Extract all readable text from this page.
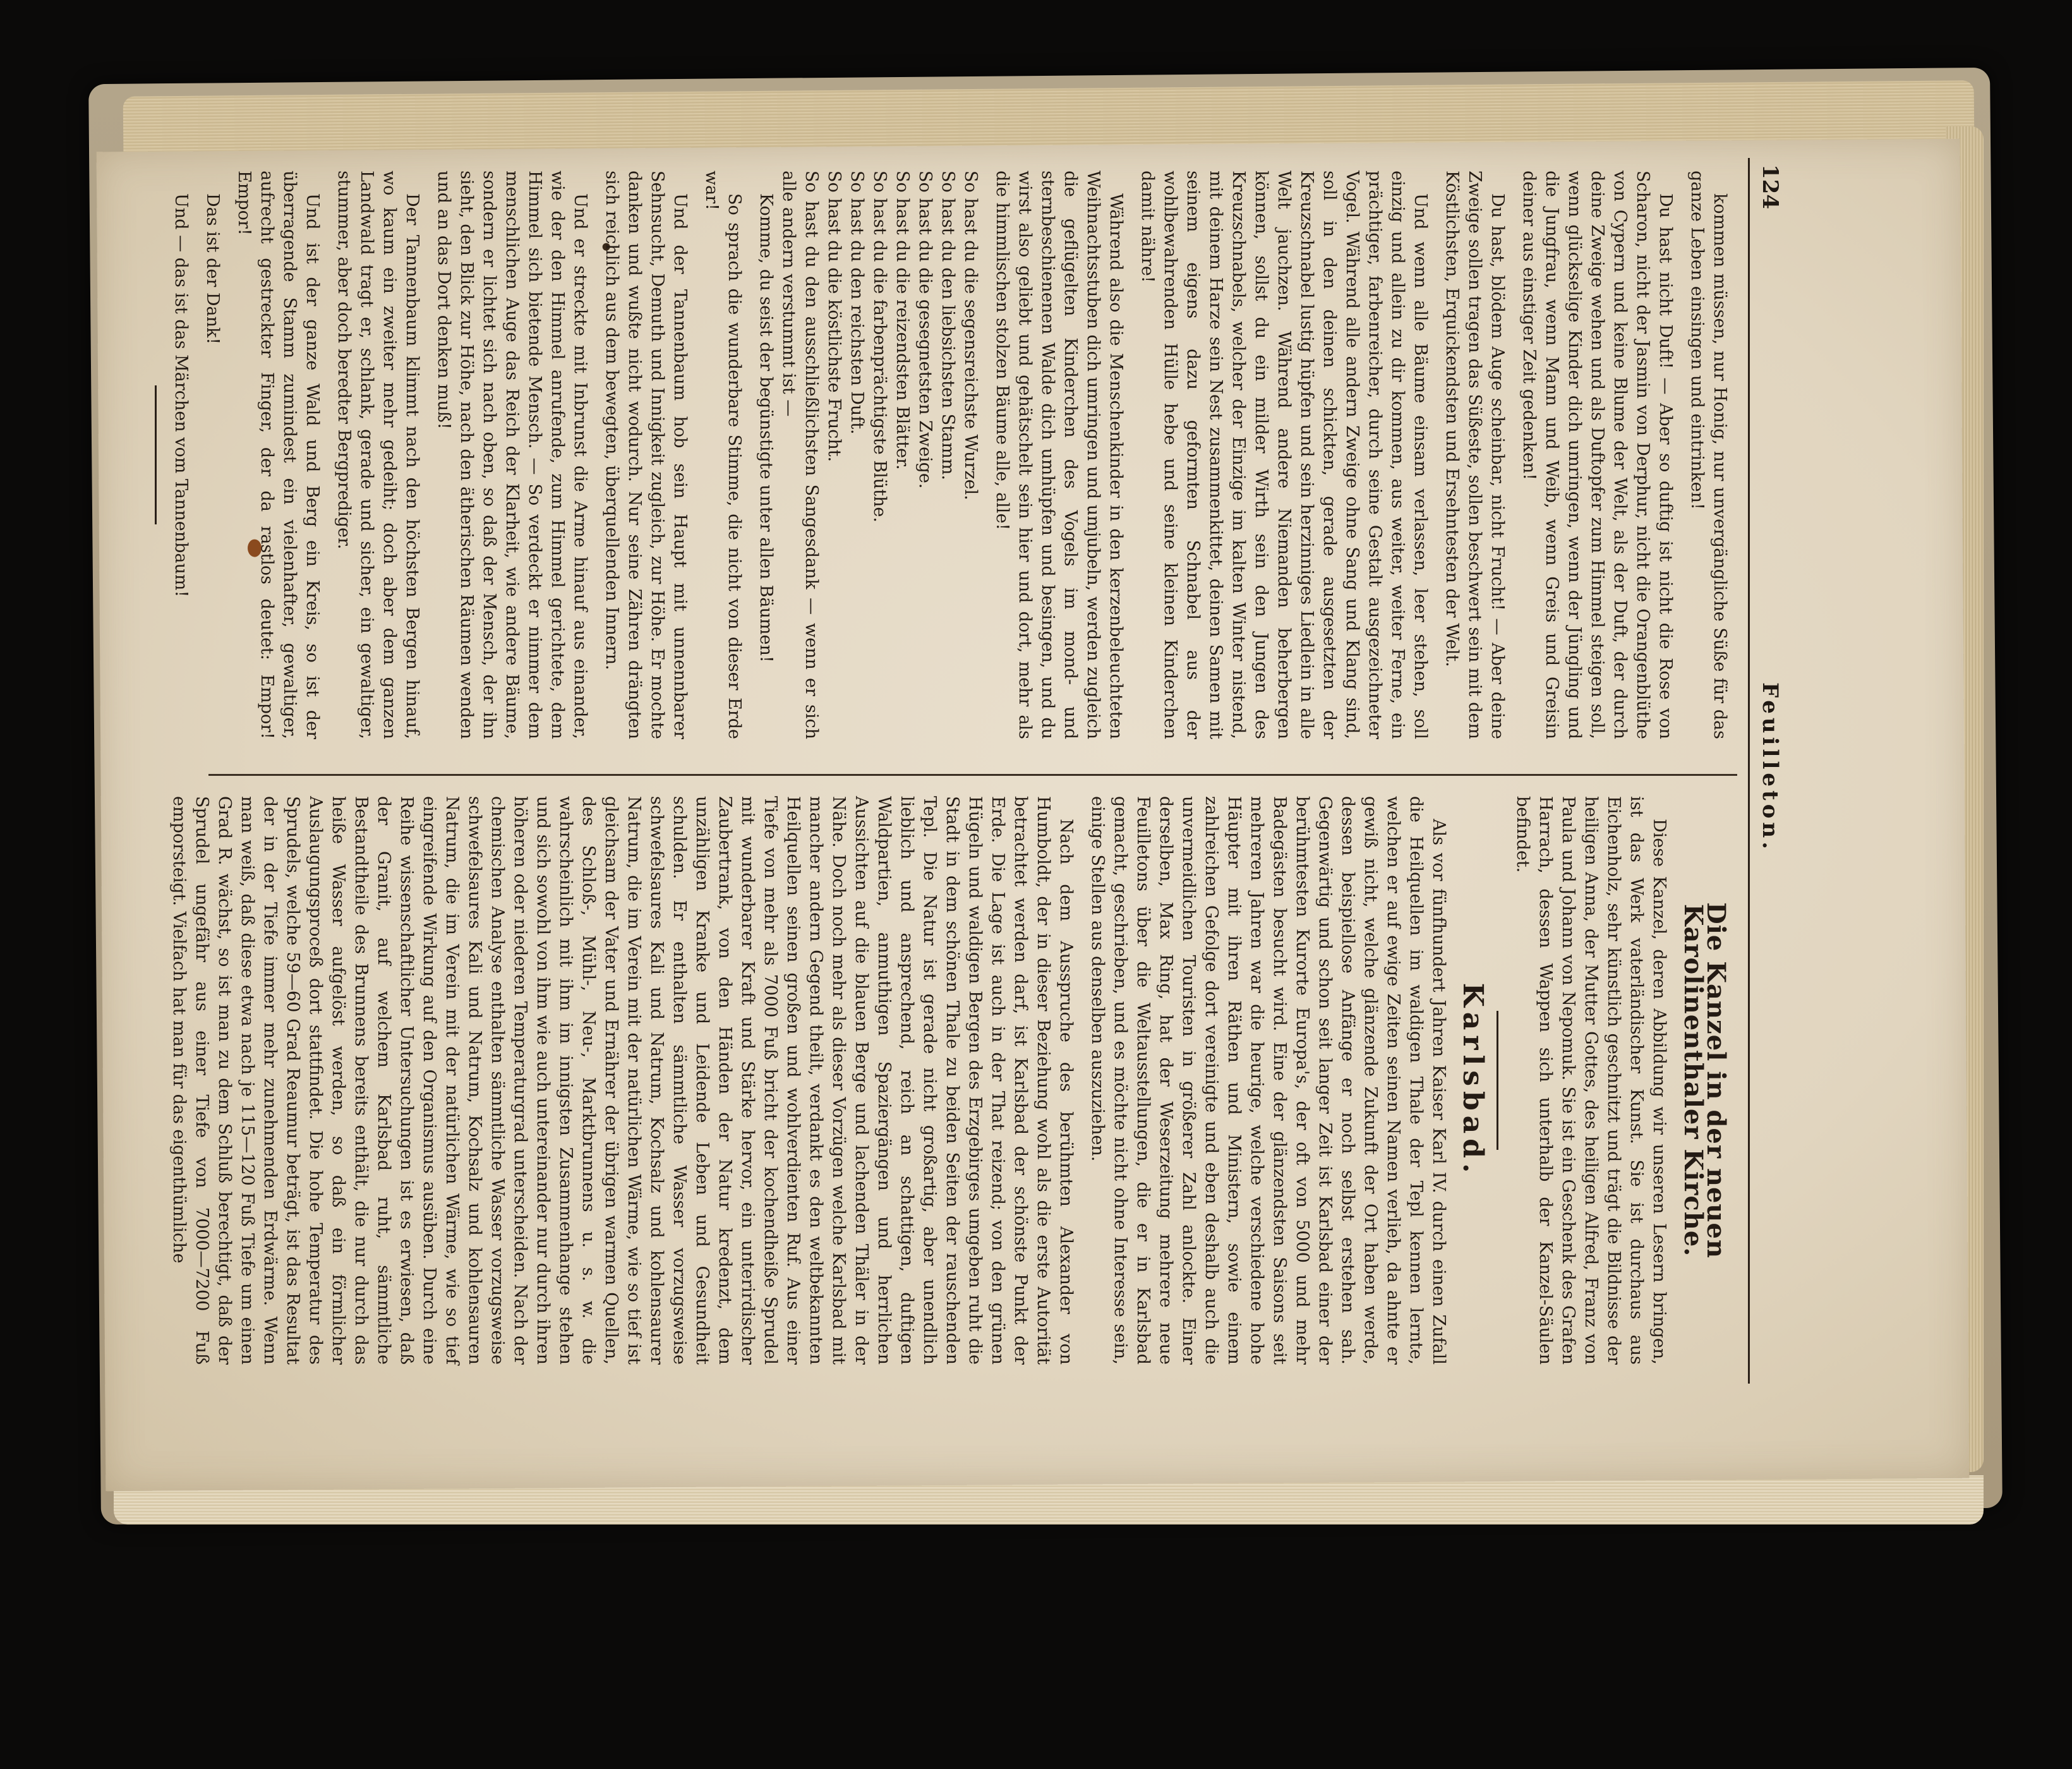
124
Feuilleton.

kommen müssen, nur Honig, nur unvergängliche Süße für das ganze Leben einsingen und eintrinken!

Du hast nicht Duft! — Aber so duftig ist nicht die Rose von Scharon, nicht der Jasmin von Derphur, nicht die Orangenblüthe von Cypern und keine Blume der Welt, als der Duft, der durch deine Zweige wehen und als Duftopfer zum Himmel steigen soll, wenn glückselige Kinder dich umringen, wenn der Jüngling und die Jungfrau, wenn Mann und Weib, wenn Greis und Greisin deiner aus einstiger Zeit gedenken!

Du hast, blödem Auge scheinbar, nicht Frucht! — Aber deine Zweige sollen tragen das Süßeste, sollen beschwert sein mit dem Köstlichsten, Erquickendsten und Ersehntesten der Welt.

Und wenn alle Bäume einsam verlassen, leer stehen, soll einzig und allein zu dir kommen, aus weiter, weiter Ferne, ein prächtiger, farbenreicher, durch seine Gestalt ausgezeichneter Vogel. Während alle andern Zweige ohne Sang und Klang sind, soll in den deinen schickten, gerade ausgesetzten der Kreuzschnabel lustig hüpfen und sein herzinniges Liedlein in alle Welt jauchzen. Während andere Niemanden beherbergen können, sollst du ein milder Wirth sein den Jungen des Kreuzschnabels, welcher der Einzige im kalten Winter nistend, mit deinem Harze sein Nest zusammenkittet, deinen Samen mit seinem eigens dazu geformten Schnabel aus der wohlbewahrenden Hülle hebe und seine kleinen Kinderchen damit nähre!

Während also die Menschenkinder in den kerzenbeleuchteten Weihnachtsstuben dich umringen und umjubeln, werden zugleich die geflügelten Kinderchen des Vogels im mond- und sternbeschienenen Walde dich umhüpfen und besingen, und du wirst also geliebt und gehätschelt sein hier und dort, mehr als die himmlischen stolzen Bäume alle, alle!

So hast du die segensreichste Wurzel.

So hast du den liebsichsten Stamm.

So hast du die gesegnetsten Zweige.

So hast du die reizendsten Blätter.

So hast du die farbenprächtigste Blüthe.

So hast du den reichsten Duft.

So hast du die köstlichste Frucht.

So hast du den ausschließlichsten Sangesdank — wenn er sich alle andern verstummt ist —

Komme, du seist der begünstigte unter allen Bäumen!

So sprach die wunderbare Stimme, die nicht von dieser Erde war!

Und der Tannenbaum hob sein Haupt mit unnennbarer Sehnsucht, Demuth und Innigkeit zugleich, zur Höhe. Er mochte danken und wußte nicht wodurch. Nur seine Zähren drängten sich reichlich aus dem bewegten, überquellenden Innern.

Und er streckte mit Inbrunst die Arme hinauf aus einander, wie der den Himmel anrufende, zum Himmel gerichtete, dem Himmel sich bietende Mensch. — So verdeckt er nimmer dem menschlichen Auge das Reich der Klarheit, wie andere Bäume, sondern er lichtet sich nach oben, so daß der Mensch, der ihn sieht, den Blick zur Höhe, nach den ätherischen Räumen wenden und an das Dort denken muß!

Der Tannenbaum klimmt nach den höchsten Bergen hinauf, wo kaum ein zweiter mehr gedeiht; doch aber dem ganzen Landwald tragt er, schlank, gerade und sicher, ein gewaltiger, stummer, aber doch beredter Bergprediger.

Und ist der ganze Wald und Berg ein Kreis, so ist der überragende Stamm zumindest ein vielenhafter, gewaltiger, aufrecht gestreckter Finger, der da rastlos deutet: Empor! Empor!

Das ist der Dank!

Und — das ist das Märchen vom Tannenbaum!

Die Kanzel in der neuen Karolinenthaler Kirche.

Diese Kanzel, deren Abbildung wir unseren Lesern bringen, ist das Werk vaterländischer Kunst. Sie ist durchaus aus Eichenholz, sehr künstlich geschnitzt und trägt die Bildnisse der heiligen Anna, der Mutter Gottes, des heiligen Alfred, Franz von Paula und Johann von Nepomuk. Sie ist ein Geschenk des Grafen Harrach, dessen Wappen sich unterhalb der Kanzel-Säulen befindet.

Karlsbad.

Als vor fünfhundert Jahren Kaiser Karl IV. durch einen Zufall die Heilquellen im waldigen Thale der Tepl kennen lernte, welchen er auf ewige Zeiten seinen Namen verlieh, da ahnte er gewiß nicht, welche glänzende Zukunft der Ort haben werde, dessen beispiellose Anfänge er noch selbst erstehen sah. Gegenwärtig und schon seit langer Zeit ist Karlsbad einer der berühmtesten Kurorte Europa's, der oft von 5000 und mehr Badegästen besucht wird. Eine der glänzendsten Saisons seit mehreren Jahren war die heurige, welche verschiedene hohe Häupter mit ihren Räthen und Ministern, sowie einem zahlreichen Gefolge dort vereinigte und eben deshalb auch die unvermeidlichen Touristen in größerer Zahl anlockte. Einer derselben, Max Ring, hat der Weserzeitung mehrere neue Feuilletons über die Weltausstellungen, die er in Karlsbad gemacht, geschrieben, und es möchte nicht ohne Interesse sein, einige Stellen aus denselben auszuziehen.

Nach dem Ausspruche des berühmten Alexander von Humboldt, der in dieser Beziehung wohl als die erste Autorität betrachtet werden darf, ist Karlsbad der schönste Punkt der Erde. Die Lage ist auch in der That reizend; von den grünen Hügeln und waldigen Bergen des Erzgebirges umgeben ruht die Stadt in dem schönen Thale zu beiden Seiten der rauschenden Tepl. Die Natur ist gerade nicht großartig, aber unendlich lieblich und ansprechend, reich an schattigen, duftigen Waldpartien, anmuthigen Spaziergängen und herrlichen Aussichten auf die blauen Berge und lachenden Thäler in der Nähe. Doch noch mehr als dieser Vorzügen welche Karlsbad mit mancher andern Gegend theilt, verdankt es den weltbekannten Heilquellen seinen großen und wohlverdienten Ruf. Aus einer Tiefe von mehr als 7000 Fuß bricht der kochendheiße Sprudel mit wunderbarer Kraft und Stärke hervor, ein unterirdischer Zaubertrank, von den Händen der Natur kredenzt, dem unzähligen Kranke und Leidende Leben und Gesundheit schulden. Er enthalten sämmtliche Wasser vorzugsweise schwefelsaures Kali und Natrum, Kochsalz und kohlensaurer Natrum, die im Verein mit der natürlichen Wärme, wie so tief ist gleichsam der Vater und Ernährer der übrigen warmen Quellen, des Schloß-, Mühl-, Neu-, Marktbrunnens u. s. w. die wahrscheinlich mit ihm im innigsten Zusammenhange stehen und sich sowohl von ihm wie auch untereinander nur durch ihren höheren oder niederen Temperaturgrad unterscheiden. Nach der chemischen Analyse enthalten sämmtliche Wasser vorzugsweise schwefelsaures Kali und Natrum, Kochsalz und kohlensauren Natrum, die im Verein mit der natürlichen Wärme, wie so tief eingreifende Wirkung auf den Organismus ausüben. Durch eine Reihe wissenschaftlicher Untersuchungen ist es erwiesen, daß der Granit, auf welchem Karlsbad ruht, sämmtliche Bestandtheile des Brunnens bereits enthält, die nur durch das heiße Wasser aufgelöst werden, so daß ein förmlicher Auslaugungsproceß dort stattfindet. Die hohe Temperatur des Sprudels, welche 59—60 Grad Reaumur beträgt, ist das Resultat der in der Tiefe immer mehr zunehmenden Erdwärme. Wenn man weiß, daß diese etwa nach je 115—120 Fuß Tiefe um einen Grad R. wächst, so ist man zu dem Schluß berechtigt, daß der Sprudel ungefähr aus einer Tiefe von 7000—7200 Fuß emporsteigt. Vielfach hat man für das eigenthümliche
